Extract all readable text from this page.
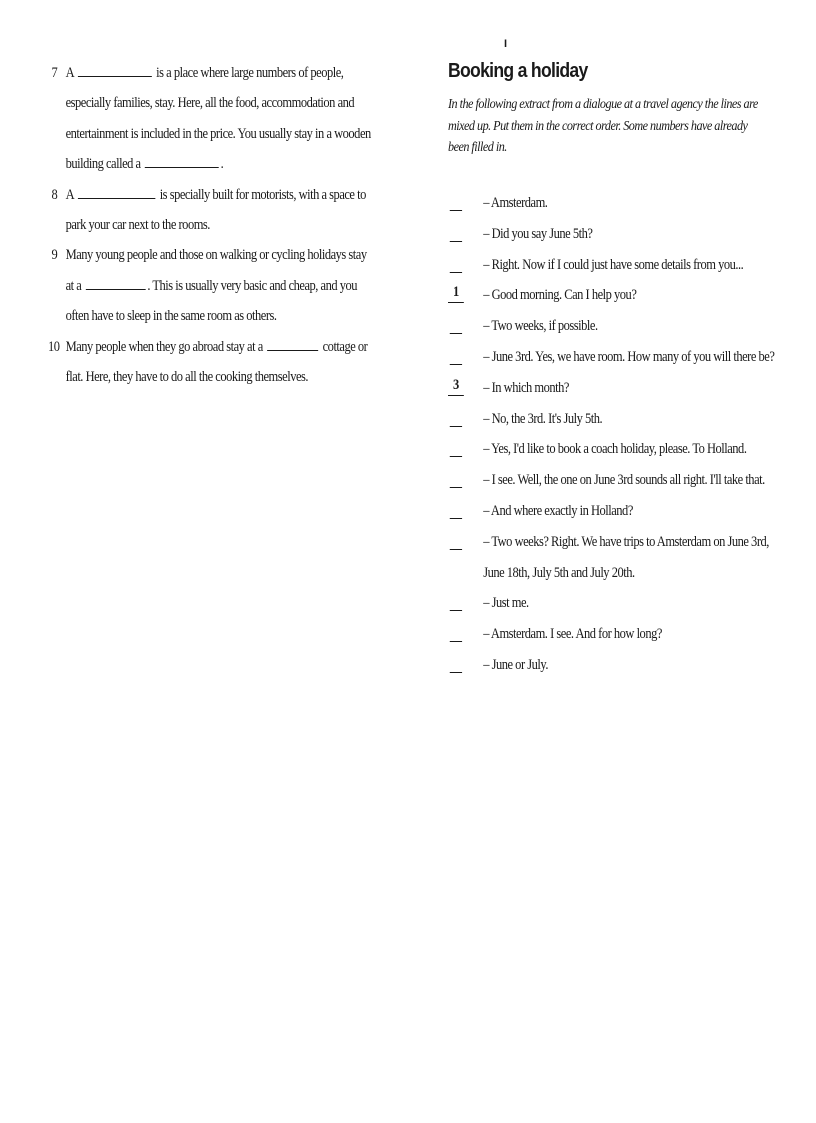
7 A	is a place where large numbers of people, especially families, stay. Here, all the food, accommodation and entertainment is included in the price. You usually stay in a wooden building called a	.
8 A	is specially built for motorists, with a space to park your car next to the rooms.
9 Many young people and those on walking or cycling holidays stay at a	. This is usually very basic and cheap, and you often have to sleep in the same room as others.
10 Many people when they go abroad stay at a	cottage or flat. Here, they have to do all the cooking themselves.
I
Booking a holiday
In the following extract from a dialogue at a travel agency the lines are mixed up. Put them in the correct order. Some numbers have already been filled in.
– Amsterdam.
– Did you say June 5th?
– Right. Now if I could just have some details from you...
1	– Good morning. Can I help you?
– Two weeks, if possible.
– June 3rd. Yes, we have room. How many of you will there be?
3	– In which month?
– No, the 3rd. It's July 5th.
– Yes, I'd like to book a coach holiday, please. To Holland.
– I see. Well, the one on June 3rd sounds all right. I'll take that.
– And where exactly in Holland?
– Two weeks? Right. We have trips to Amsterdam on June 3rd, June 18th, July 5th and July 20th.
– Just me.
– Amsterdam. I see. And for how long?
– June or July.
